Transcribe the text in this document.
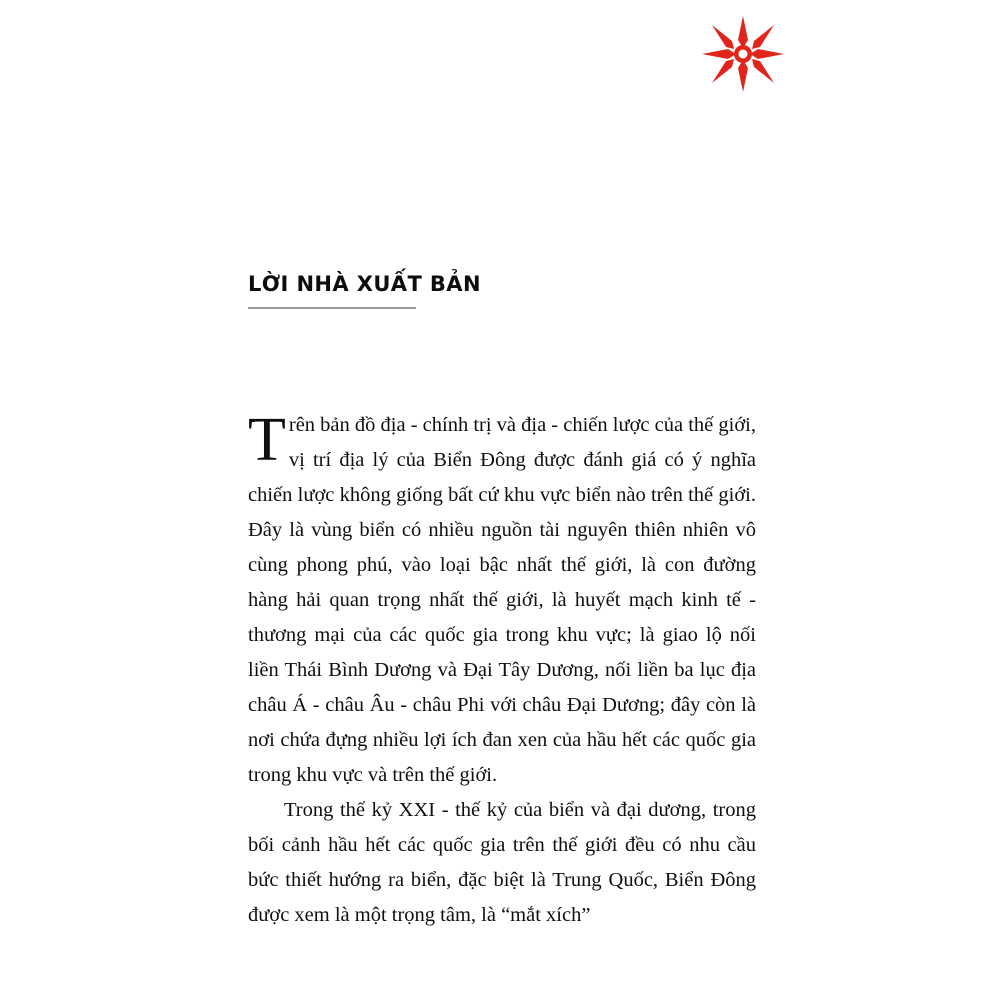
LỜI NHÀ XUẤT BẢN

Trên bản đồ địa - chính trị và địa - chiến lược của thế giới, vị trí địa lý của Biển Đông được đánh giá có ý nghĩa chiến lược không giống bất cứ khu vực biển nào trên thế giới. Đây là vùng biển có nhiều nguồn tài nguyên thiên nhiên vô cùng phong phú, vào loại bậc nhất thế giới, là con đường hàng hải quan trọng nhất thế giới, là huyết mạch kinh tế - thương mại của các quốc gia trong khu vực; là giao lộ nối liền Thái Bình Dương và Đại Tây Dương, nối liền ba lục địa châu Á - châu Âu - châu Phi với châu Đại Dương; đây còn là nơi chứa đựng nhiều lợi ích đan xen của hầu hết các quốc gia trong khu vực và trên thế giới.

Trong thế kỷ XXI - thế kỷ của biển và đại dương, trong bối cảnh hầu hết các quốc gia trên thế giới đều có nhu cầu bức thiết hướng ra biển, đặc biệt là Trung Quốc, Biển Đông được xem là một trọng tâm, là “mắt xích”
